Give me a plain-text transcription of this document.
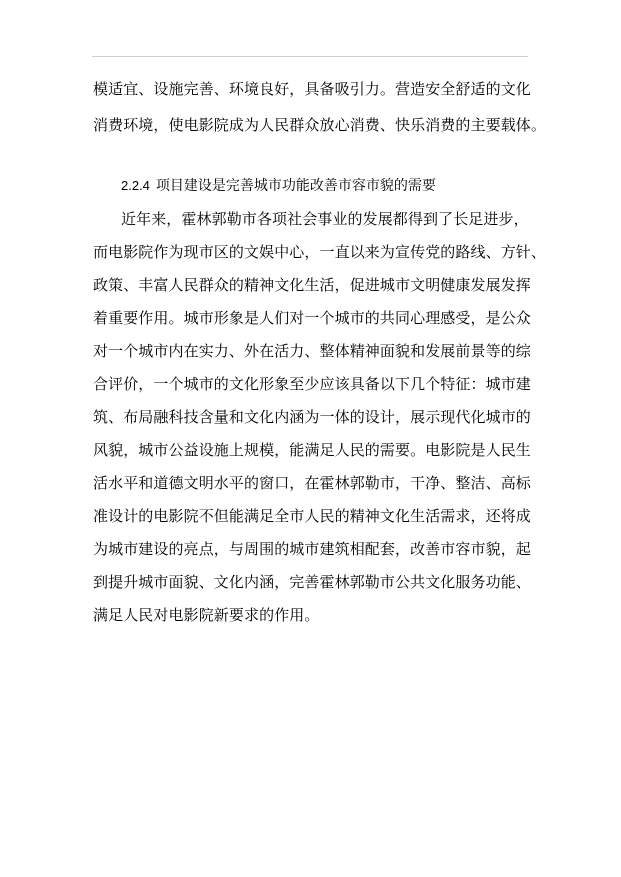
模适宜、设施完善、环境良好，具备吸引力。营造安全舒适的文化
消费环境，使电影院成为人民群众放心消费、快乐消费的主要载体。
2.2.4 项目建设是完善城市功能改善市容市貌的需要
近年来，霍林郭勒市各项社会事业的发展都得到了长足进步，
而电影院作为现市区的文娱中心，一直以来为宣传党的路线、方针、
政策、丰富人民群众的精神文化生活，促进城市文明健康发展发挥
着重要作用。城市形象是人们对一个城市的共同心理感受，是公众
对一个城市内在实力、外在活力、整体精神面貌和发展前景等的综
合评价，一个城市的文化形象至少应该具备以下几个特征：城市建
筑、布局融科技含量和文化内涵为一体的设计，展示现代化城市的
风貌，城市公益设施上规模，能满足人民的需要。电影院是人民生
活水平和道德文明水平的窗口，在霍林郭勒市，干净、整洁、高标
准设计的电影院不但能满足全市人民的精神文化生活需求，还将成
为城市建设的亮点，与周围的城市建筑相配套，改善市容市貌，起
到提升城市面貌、文化内涵，完善霍林郭勒市公共文化服务功能、
满足人民对电影院新要求的作用。
